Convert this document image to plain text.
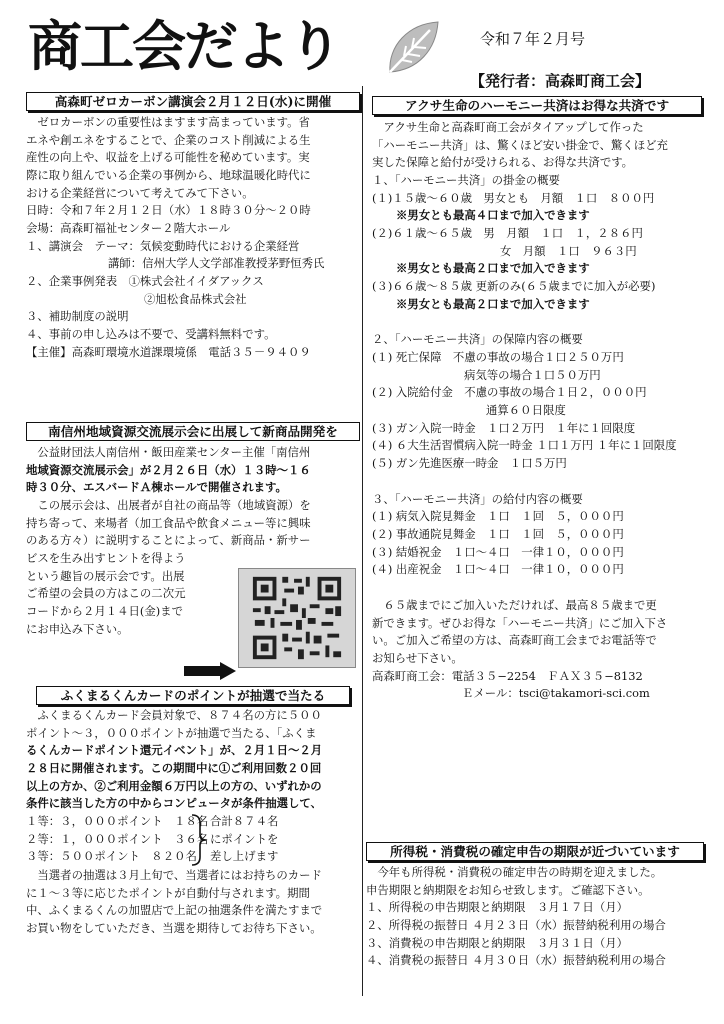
商工会だより	令和７年２月号
【発行者：高森町商工会】
高森町ゼロカーボン講演会２月１２日(水)に開催
ゼロカーボンの重要性はますます高まっています。省
エネや創エネをすることで、企業のコスト削減による生
産性の向上や、収益を上げる可能性を秘めています。実
際に取り組んでいる企業の事例から、地球温暖化時代に
おける企業経営について考えてみて下さい。
日時：令和７年２月１２日（水）１８時３０分～２０時
会場：高森町福祉センター２階大ホール
１、講演会　テーマ：気候変動時代における企業経営
講師：信州大学人文学部准教授茅野恒秀氏
２、企業事例発表　①株式会社イイダアックス
②旭松食品株式会社
３、補助制度の説明
４、事前の申し込みは不要で、受講料無料です。
【主催】高森町環境水道課環境係　電話３５－９４０９
南信州地域資源交流展示会に出展して新商品開発を
公益財団法人南信州・飯田産業センター主催「南信州
地域資源交流展示会」が２月２６日（水）１３時～１６
時３０分、エスバードＡ棟ホールで開催されます。
この展示会は、出展者が自社の商品等（地域資源）を
持ち寄って、来場者（加工食品や飲食メニュー等に興味
のある方々）に説明することによって、新商品・新サー
ビスを生み出すヒントを得よう
という趣旨の展示会です。出展
ご希望の会員の方はこの二次元
コードから２月１４日(金)まで
にお申込み下さい。
ふくまるくんカードのポイントが抽選で当たる
ふくまるくんカード会員対象で、８７４名の方に５００
ポイント～３，０００ポイントが抽選で当たる、「ふくま
るくんカードポイント還元イベント」が、２月１日～２月
２８日に開催されます。この期間中に①ご利用回数２０回
以上の方か、②ご利用金額６万円以上の方の、いずれかの
条件に該当した方の中からコンピュータが条件抽選して、
１等：３，０００ポイント　１８名
２等：１，０００ポイント　３６名
３等：５００ポイント　８２０名
合計８７４名
にポイントを
差し上げます
当選者の抽選は３月上旬で、当選者にはお持ちのカード
に１～３等に応じたポイントが自動付与されます。期間
中、ふくまるくんの加盟店で上記の抽選条件を満たすまで
お買い物をしていただき、当選を期待してお待ち下さい。
アクサ生命のハーモニー共済はお得な共済です
アクサ生命と高森町商工会がタイアップして作った
「ハーモニー共済」は、驚くほど安い掛金で、驚くほど充
実した保障と給付が受けられる、お得な共済です。
１、「ハーモニー共済」の掛金の概要
(１)１５歳～６０歳　男女とも　月額　１口　８００円
※男女とも最高４口まで加入できます
(２)６１歳～６５歳　男　月額　１口　１，２８６円
女　月額　１口　９６３円
※男女とも最高２口まで加入できます
(３)６６歳～８５歳 更新のみ(６５歳までに加入が必要)
※男女とも最高２口まで加入できます
２、「ハーモニー共済」の保障内容の概要
(１) 死亡保障　不慮の事故の場合１口２５０万円
病気等の場合１口５０万円
(２) 入院給付金　不慮の事故の場合１日２，０００円
通算６０日限度
(３) ガン入院一時金　１口２万円　１年に１回限度
(４) ６大生活習慣病入院一時金 １口１万円 １年に１回限度
(５) ガン先進医療一時金　１口５万円
３、「ハーモニー共済」の給付内容の概要
(１) 病気入院見舞金　１口　１回　５，０００円
(２) 事故通院見舞金　１口　１回　５，０００円
(３) 結婚祝金　１口～４口　一律１０，０００円
(４) 出産祝金　１口～４口　一律１０，０００円
６５歳までにご加入いただければ、最高８５歳まで更
新できます。ぜひお得な「ハーモニー共済」にご加入下さ
い。ご加入ご希望の方は、高森町商工会までお電話等で
お知らせ下さい。
高森町商工会：電話３５−2254　ＦＡＸ３５−8132
Ｅメール：tsci@takamori-sci.com
所得税・消費税の確定申告の期限が近づいています
今年も所得税・消費税の確定申告の時期を迎えました。
申告期限と納期限をお知らせ致します。ご確認下さい。
１、所得税の申告期限と納期限　３月１７日（月）
２、所得税の振替日 ４月２３日（水）振替納税利用の場合
３、消費税の申告期限と納期限　３月３１日（月）
４、消費税の振替日 ４月３０日（水）振替納税利用の場合
